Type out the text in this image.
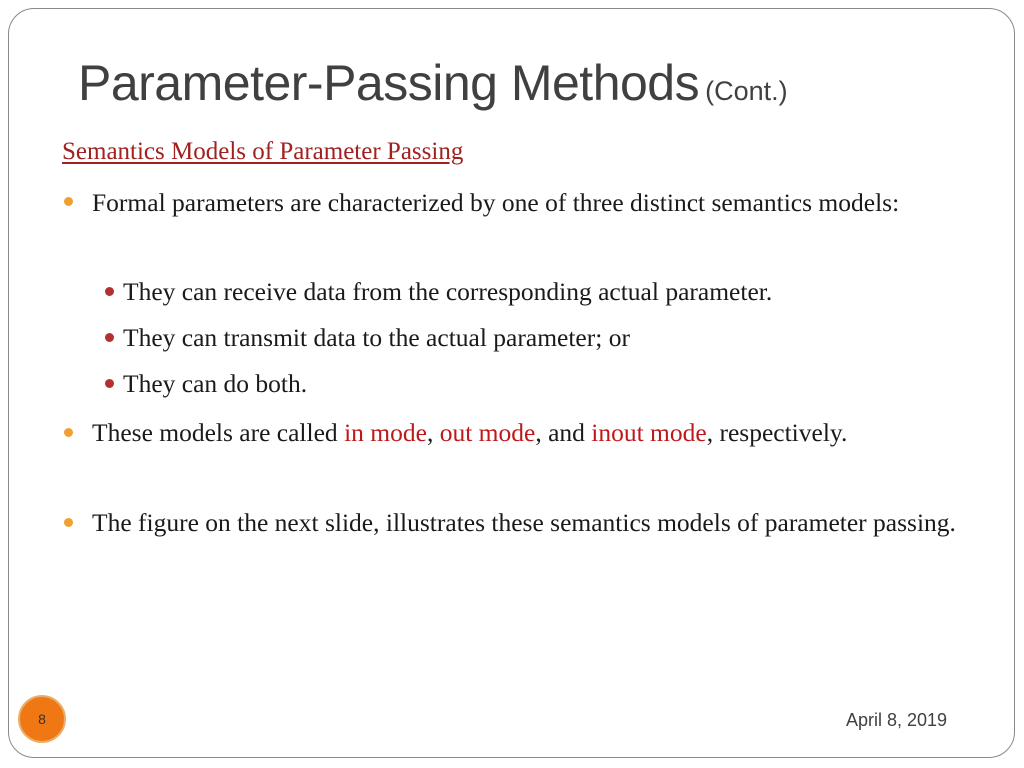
Parameter-Passing Methods (Cont.)
Semantics Models of Parameter Passing
Formal parameters are characterized by one of three distinct semantics models:
They can receive data from the corresponding actual parameter.
They can transmit data to the actual parameter; or
They can do both.
These models are called in mode, out mode, and inout mode, respectively.
The figure on the next slide, illustrates these semantics models of parameter passing.
8	April 8, 2019
